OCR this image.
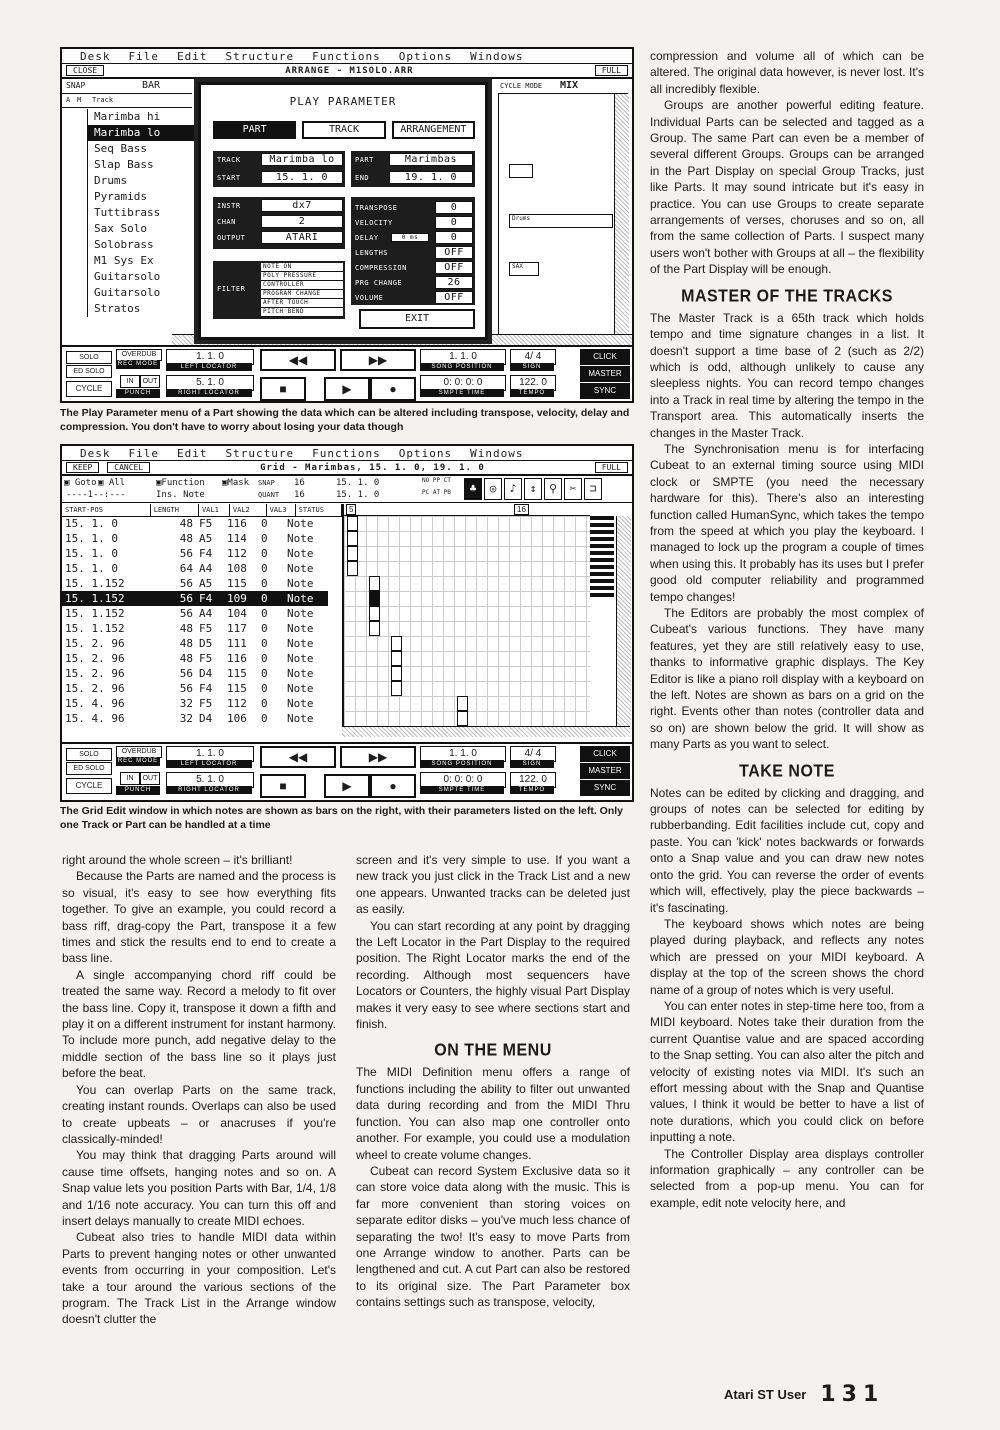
Desk File Edit Structure Functions Options Windows
CLOSE	ARRANGE - M1SOLO.ARR	FULL
SNAP	BAR
A M Track
Marimba hi
Marimba lo
Seq Bass
Slap Bass
Drums
Pyramids
Tuttibrass
Sax Solo
Solobrass
M1 Sys Ex
Guitarsolo
Guitarsolo
Stratos
CYCLE MODE MIX
Drums
SAX
PLAY PARAMETER
PART	TRACK	ARRANGEMENT
TRACK	Marimba lo
START	15. 1. 0
PART	Marimbas
END	19. 1. 0
INSTR	dx7
CHAN	2
OUTPUT	ATARI
TRANSPOSE	0
VELOCITY	0
DELAY	0
0 ms
LENGTHS	OFF
COMPRESSION	OFF
PRG CHANGE	26
VOLUME	OFF
FILTER
NOTE ON
POLY PRESSURE
CONTROLLER
PROGRAM CHANGE
AFTER TOUCH
PITCH BEND
EXIT
SOLO
ED SOLO
CYCLE
OVERDUB
REC MODE
IN	OUT
PUNCH
1. 1. 0
LEFT LOCATOR
5. 1. 0
RIGHT LOCATOR
◀◀	▶▶
■	▶	●
1. 1. 0
SONG POSITION
0: 0: 0: 0
SMPTE TIME
4/ 4
SIGN
122. 0
TEMPO
CLICK
MASTER
SYNC
The Play Parameter menu of a Part showing the data which can be altered including transpose, velocity, delay and compression. You don't have to worry about losing your data though
Desk File Edit Structure Functions Options Windows
KEEP	CANCEL	Grid - Marimbas, 15. 1. 0, 19. 1. 0	FULL
▣ Goto ▣ All	▣Function ▣Mask SNAP 16
----1--:---	Ins. Note	QUANT 16
15. 1. 0
15. 1. 0
NO PP CT
PC AT PB	♣	◎	♪	↕	⚲	✂	⊐
START-POS	LENGTH	VAL1	VAL2	VAL3	STATUS
15. 1. 0	48	F5	116	0	Note
15. 1. 0	48	A5	114	0	Note
15. 1. 0	56	F4	112	0	Note
15. 1. 0	64	A4	108	0	Note
15. 1.152	56	A5	115	0	Note
15. 1.152	56	F4	109	0	Note
15. 1.152	56	A4	104	0	Note
15. 1.152	48	F5	117	0	Note
15. 2. 96	48	D5	111	0	Note
15. 2. 96	48	F5	116	0	Note
15. 2. 96	56	D4	115	0	Note
15. 2. 96	56	F4	115	0	Note
15. 4. 96	32	F5	112	0	Note
15. 4. 96	32	D4	106	0	Note
5	16
SOLO
ED SOLO
CYCLE
OVERDUB
REC MODE
IN	OUT
PUNCH
1. 1. 0
LEFT LOCATOR
5. 1. 0
RIGHT LOCATOR
◀◀	▶▶
■	▶	●
1. 1. 0
SONG POSITION
0: 0: 0: 0
SMPTE TIME
4/ 4
SIGN
122. 0
TEMPO
CLICK
MASTER
SYNC
The Grid Edit window in which notes are shown as bars on the right, with their parameters listed on the left. Only one Track or Part can be handled at a time

compression and volume all of which can be altered. The original data however, is never lost. It's all incredibly flexible.

Groups are another powerful editing feature. Individual Parts can be selected and tagged as a Group. The same Part can even be a member of several different Groups. Groups can be arranged in the Part Display on special Group Tracks, just like Parts. It may sound intricate but it's easy in practice. You can use Groups to create separate arrangements of verses, choruses and so on, all from the same collection of Parts. I suspect many users won't bother with Groups at all – the flexibility of the Part Display will be enough.

MASTER OF THE TRACKS

The Master Track is a 65th track which holds tempo and time signature changes in a list. It doesn't support a time base of 2 (such as 2/2) which is odd, although unlikely to cause any sleepless nights. You can record tempo changes into a Track in real time by altering the tempo in the Transport area. This automatically inserts the changes in the Master Track.

The Synchronisation menu is for interfacing Cubeat to an external timing source using MIDI clock or SMPTE (you need the necessary hardware for this). There's also an interesting function called HumanSync, which takes the tempo from the speed at which you play the keyboard. I managed to lock up the program a couple of times when using this. It probably has its uses but I prefer good old computer reliability and programmed tempo changes!

The Editors are probably the most complex of Cubeat's various functions. They have many features, yet they are still relatively easy to use, thanks to informative graphic displays. The Key Editor is like a piano roll display with a keyboard on the left. Notes are shown as bars on a grid on the right. Events other than notes (controller data and so on) are shown below the grid. It will show as many Parts as you want to select.

TAKE NOTE

Notes can be edited by clicking and dragging, and groups of notes can be selected for editing by rubberbanding. Edit facilities include cut, copy and paste. You can 'kick' notes backwards or forwards onto a Snap value and you can draw new notes onto the grid. You can reverse the order of events which will, effectively, play the piece backwards – it's fascinating.

The keyboard shows which notes are being played during playback, and reflects any notes which are pressed on your MIDI keyboard. A display at the top of the screen shows the chord name of a group of notes which is very useful.

You can enter notes in step-time here too, from a MIDI keyboard. Notes take their duration from the current Quantise value and are spaced according to the Snap setting. You can also alter the pitch and velocity of existing notes via MIDI. It's such an effort messing about with the Snap and Quantise values, I think it would be better to have a list of note durations, which you could click on before inputting a note.

The Controller Display area displays controller information graphically – any controller can be selected from a pop-up menu. You can for example, edit note velocity here, and

right around the whole screen – it's brilliant!

Because the Parts are named and the process is so visual, it's easy to see how everything fits together. To give an example, you could record a bass riff, drag-copy the Part, transpose it a few times and stick the results end to end to create a bass line.

A single accompanying chord riff could be treated the same way. Record a melody to fit over the bass line. Copy it, transpose it down a fifth and play it on a different instrument for instant harmony. To include more punch, add negative delay to the middle section of the bass line so it plays just before the beat.

You can overlap Parts on the same track, creating instant rounds. Overlaps can also be used to create upbeats – or anacruses if you're classically-minded!

You may think that dragging Parts around will cause time offsets, hanging notes and so on. A Snap value lets you position Parts with Bar, 1/4, 1/8 and 1/16 note accuracy. You can turn this off and insert delays manually to create MIDI echoes.

Cubeat also tries to handle MIDI data within Parts to prevent hanging notes or other unwanted events from occurring in your composition. Let's take a tour around the various sections of the program. The Track List in the Arrange window doesn't clutter the

screen and it's very simple to use. If you want a new track you just click in the Track List and a new one appears. Unwanted tracks can be deleted just as easily.

You can start recording at any point by dragging the Left Locator in the Part Display to the required position. The Right Locator marks the end of the recording. Although most sequencers have Locators or Counters, the highly visual Part Display makes it very easy to see where sections start and finish.

ON THE MENU

The MIDI Definition menu offers a range of functions including the ability to filter out unwanted data during recording and from the MIDI Thru function. You can also map one controller onto another. For example, you could use a modulation wheel to create volume changes.

Cubeat can record System Exclusive data so it can store voice data along with the music. This is far more convenient than storing voices on separate editor disks – you've much less chance of separating the two! It's easy to move Parts from one Arrange window to another. Parts can be lengthened and cut. A cut Part can also be restored to its original size. The Part Parameter box contains settings such as transpose, velocity,

Atari ST User 131
